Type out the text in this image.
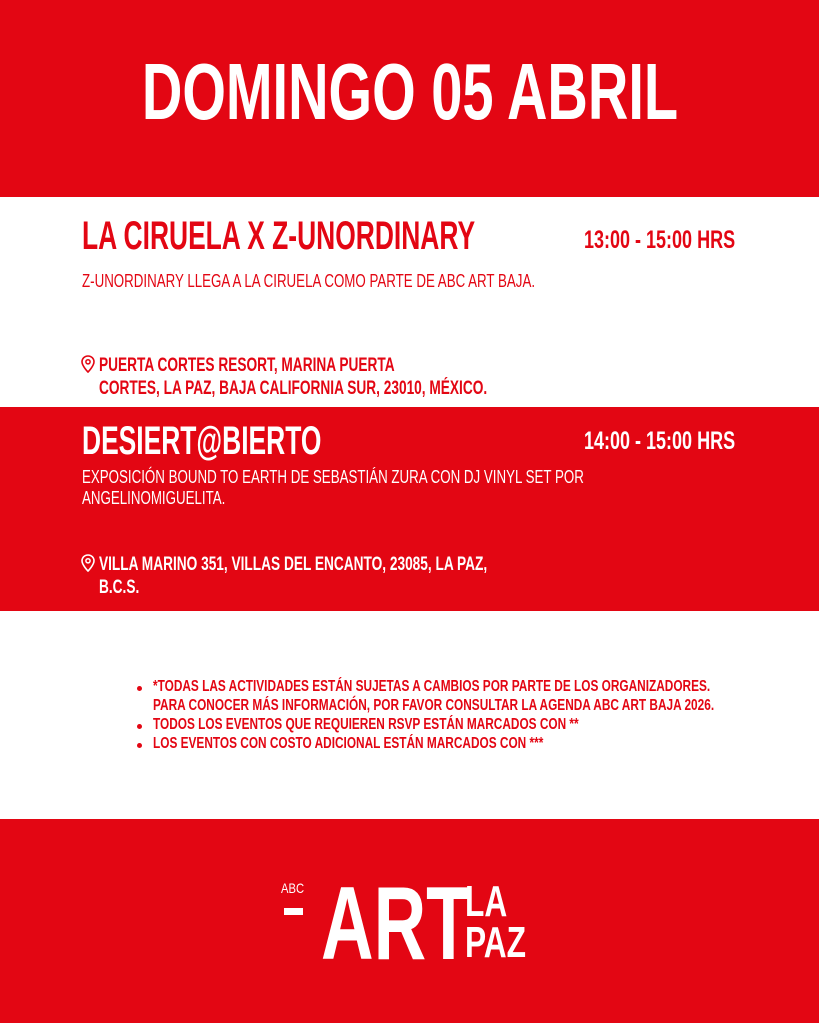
DOMINGO 05 ABRIL
LA CIRUELA X Z-UNORDINARY	13:00 - 15:00 HRS
Z-UNORDINARY LLEGA A LA CIRUELA COMO PARTE DE ABC ART BAJA.
PUERTA CORTES RESORT, MARINA PUERTA
CORTES, LA PAZ, BAJA CALIFORNIA SUR, 23010, MÉXICO.
DESIERT@BIERTO	14:00 - 15:00 HRS
EXPOSICIÓN BOUND TO EARTH DE SEBASTIÁN ZURA CON DJ VINYL SET POR
ANGELINOMIGUELITA.
VILLA MARINO 351, VILLAS DEL ENCANTO, 23085, LA PAZ,
B.C.S.
*TODAS LAS ACTIVIDADES ESTÁN SUJETAS A CAMBIOS POR PARTE DE LOS ORGANIZADORES.
PARA CONOCER MÁS INFORMACIÓN, POR FAVOR CONSULTAR LA AGENDA ABC ART BAJA 2026.
TODOS LOS EVENTOS QUE REQUIEREN RSVP ESTÁN MARCADOS CON **
LOS EVENTOS CON COSTO ADICIONAL ESTÁN MARCADOS CON ***
ABC ART
LA
PAZ
